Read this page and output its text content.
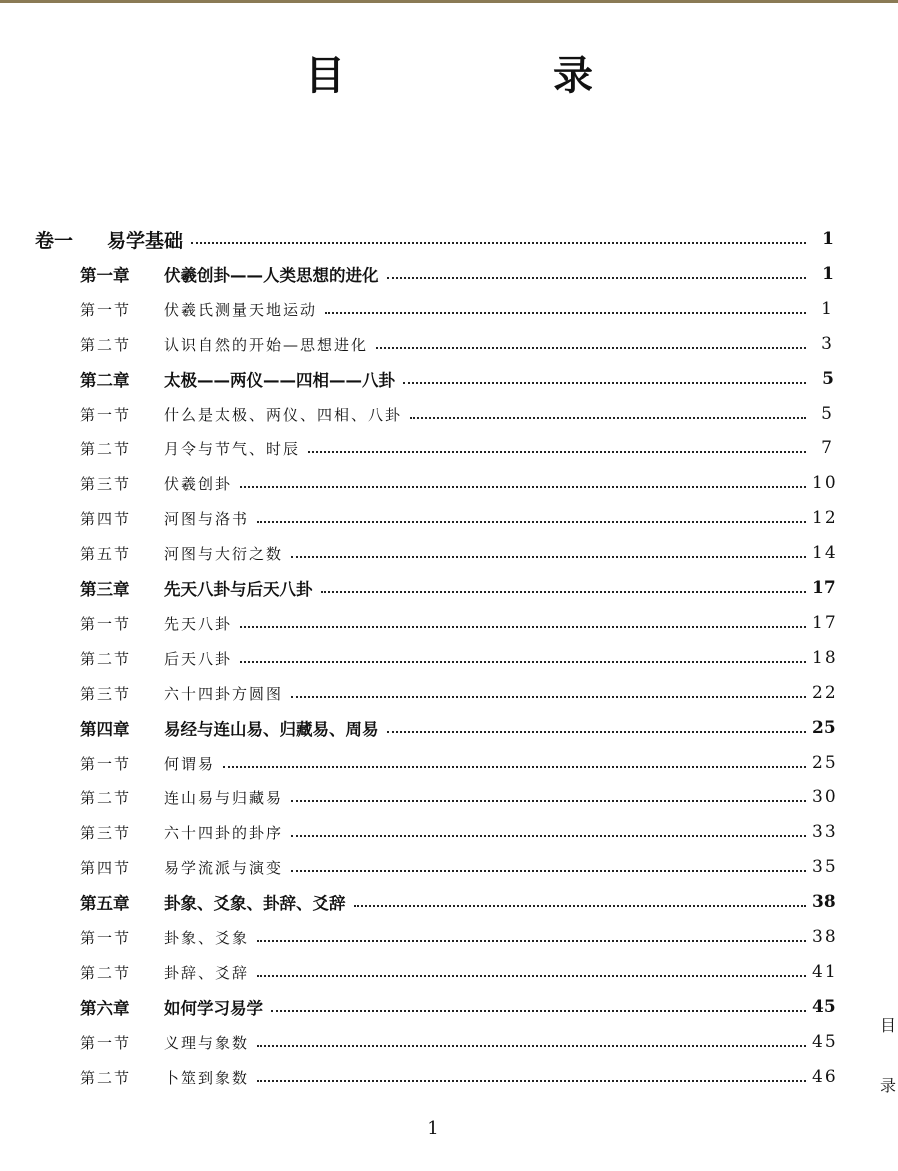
目　录
卷一	易学基础	1
第一章	伏羲创卦——人类思想的进化	1
第一节	伏羲氏测量天地运动	1
第二节	认识自然的开始—思想进化	3
第二章	太极——两仪——四相——八卦	5
第一节	什么是太极、两仪、四相、八卦	5
第二节	月令与节气、时辰	7
第三节	伏羲创卦	10
第四节	河图与洛书	12
第五节	河图与大衍之数	14
第三章	先天八卦与后天八卦	17
第一节	先天八卦	17
第二节	后天八卦	18
第三节	六十四卦方圆图	22
第四章	易经与连山易、归藏易、周易	25
第一节	何谓易	25
第二节	连山易与归藏易	30
第三节	六十四卦的卦序	33
第四节	易学流派与演变	35
第五章	卦象、爻象、卦辞、爻辞	38
第一节	卦象、爻象	38
第二节	卦辞、爻辞	41
第六章	如何学习易学	45
第一节	义理与象数	45
第二节	卜筮到象数	46
目
录
1
